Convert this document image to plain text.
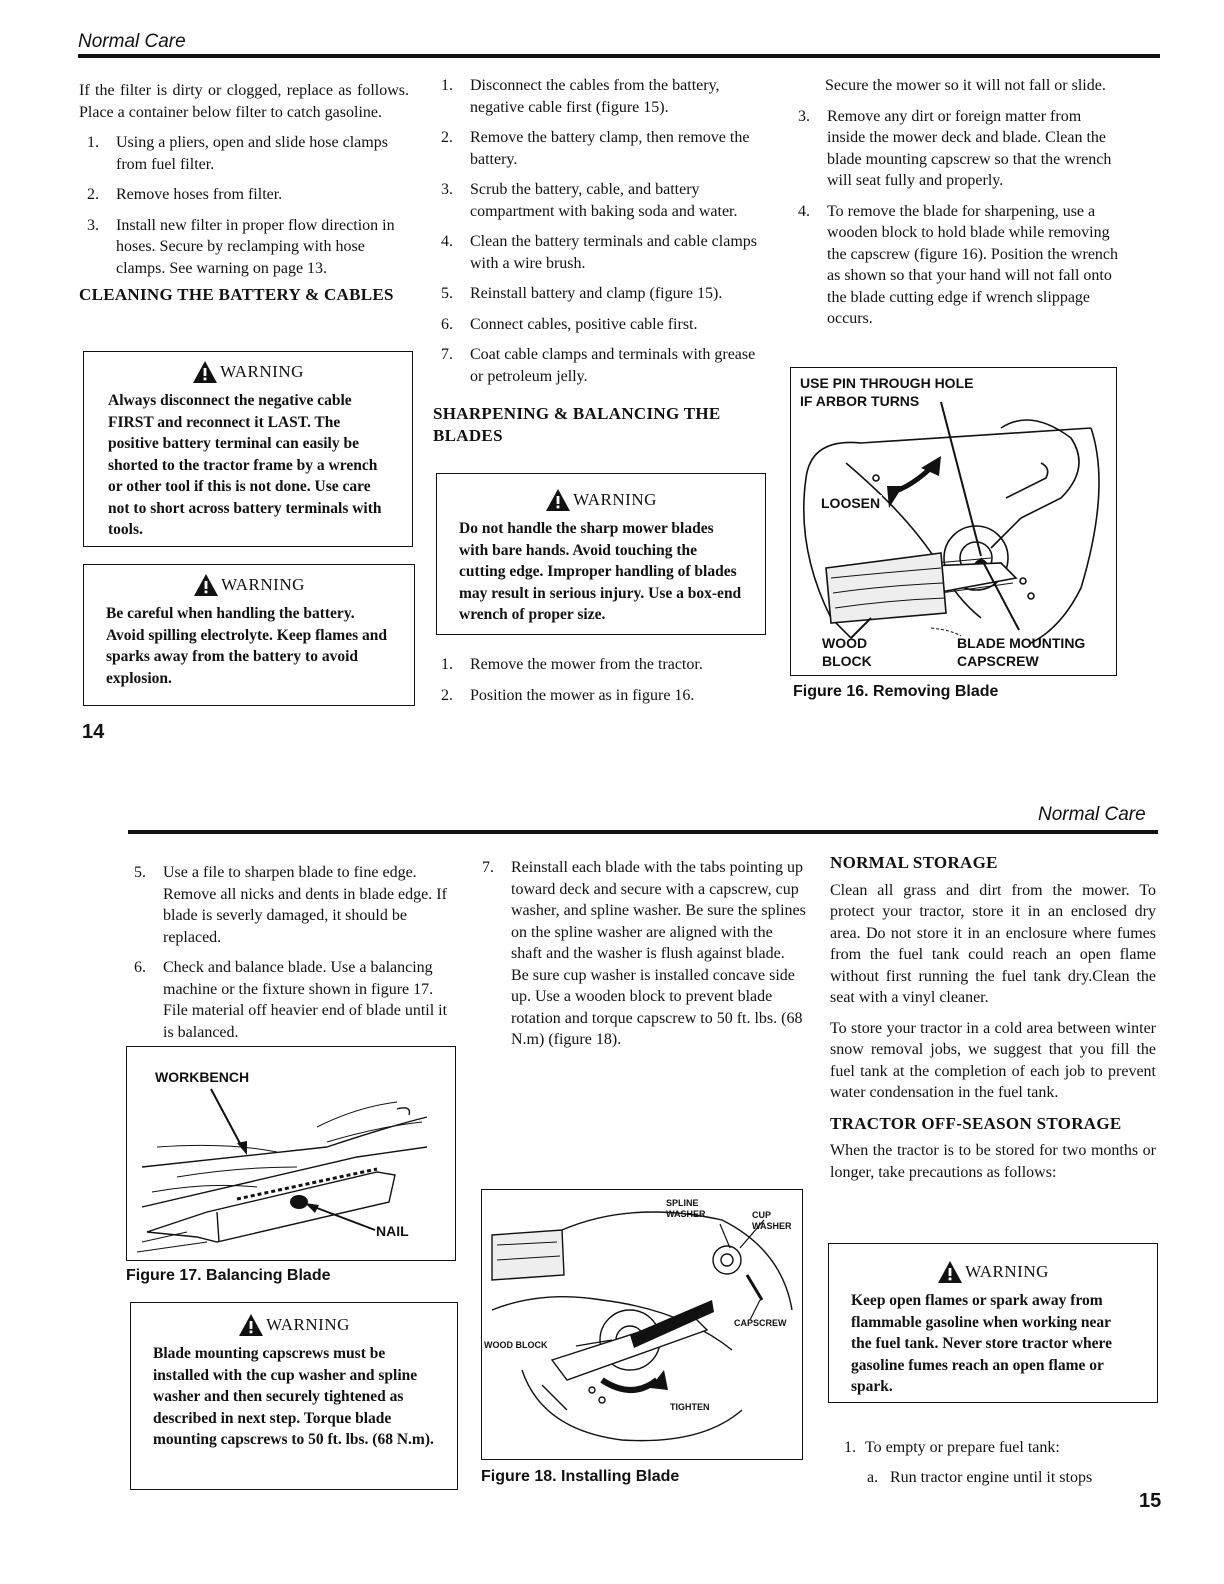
Normal Care

If the filter is dirty or clogged, replace as follows. Place a container below filter to catch gasoline.

1. Using a pliers, open and slide hose clamps from fuel filter.
2. Remove hoses from filter.
3. Install new filter in proper flow direction in hoses. Secure by reclamping with hose clamps. See warning on page 13.
CLEANING THE BATTERY & CABLES
WARNING
Always disconnect the negative cable FIRST and reconnect it LAST. The positive battery terminal can easily be shorted to the tractor frame by a wrench or other tool if this is not done. Use care not to short across battery terminals with tools.
WARNING
Be careful when handling the battery. Avoid spilling electrolyte. Keep flames and sparks away from the battery to avoid explosion.
14
1. Disconnect the cables from the battery, negative cable first (figure 15).
2. Remove the battery clamp, then remove the battery.
3. Scrub the battery, cable, and battery compartment with baking soda and water.
4. Clean the battery terminals and cable clamps with a wire brush.
5. Reinstall battery and clamp (figure 15).
6. Connect cables, positive cable first.
7. Coat cable clamps and terminals with grease or petroleum jelly.
SHARPENING & BALANCING THE BLADES
WARNING
Do not handle the sharp mower blades with bare hands. Avoid touching the cutting edge. Improper handling of blades may result in serious injury. Use a box-end wrench of proper size.
1. Remove the mower from the tractor.
2. Position the mower as in figure 16.

Secure the mower so it will not fall or slide.

3. Remove any dirt or foreign matter from inside the mower deck and blade. Clean the blade mounting capscrew so that the wrench will seat fully and properly.
4. To remove the blade for sharpening, use a wooden block to hold blade while removing the capscrew (figure 16). Position the wrench as shown so that your hand will not fall onto the blade cutting edge if wrench slippage occurs.
USE PIN THROUGH HOLE
IF ARBOR TURNS
LOOSEN
WOOD
BLOCK
BLADE MOUNTING
CAPSCREW
Figure 16. Removing Blade
Normal Care
5. Use a file to sharpen blade to fine edge. Remove all nicks and dents in blade edge. If blade is severly damaged, it should be replaced.
6. Check and balance blade. Use a balancing machine or the fixture shown in figure 17. File material off heavier end of blade until it is balanced.
WORKBENCH
NAIL
Figure 17. Balancing Blade
WARNING
Blade mounting capscrews must be installed with the cup washer and spline washer and then securely tightened as described in next step. Torque blade mounting capscrews to 50 ft. lbs. (68 N.m).
7. Reinstall each blade with the tabs pointing up toward deck and secure with a capscrew, cup washer, and spline washer. Be sure the splines on the spline washer are aligned with the shaft and the washer is flush against blade. Be sure cup washer is installed concave side up. Use a wooden block to prevent blade rotation and torque capscrew to 50 ft. lbs. (68 N.m) (figure 18).
SPLINE
WASHER	CUP
WASHER
CAPSCREW
WOOD BLOCK
TIGHTEN
Figure 18. Installing Blade
NORMAL STORAGE

Clean all grass and dirt from the mower. To protect your tractor, store it in an enclosed dry area. Do not store it in an enclosure where fumes from the fuel tank could reach an open flame without first running the fuel tank dry.Clean the seat with a vinyl cleaner.

To store your tractor in a cold area between winter snow removal jobs, we suggest that you fill the fuel tank at the completion of each job to prevent water condensation in the fuel tank.

TRACTOR OFF-SEASON STORAGE

When the tractor is to be stored for two months or longer, take precautions as follows:

WARNING
Keep open flames or spark away from flammable gasoline when working near the fuel tank. Never store tractor where gasoline fumes reach an open flame or spark.
1. To empty or prepare fuel tank:
a. Run tractor engine until it stops
15
